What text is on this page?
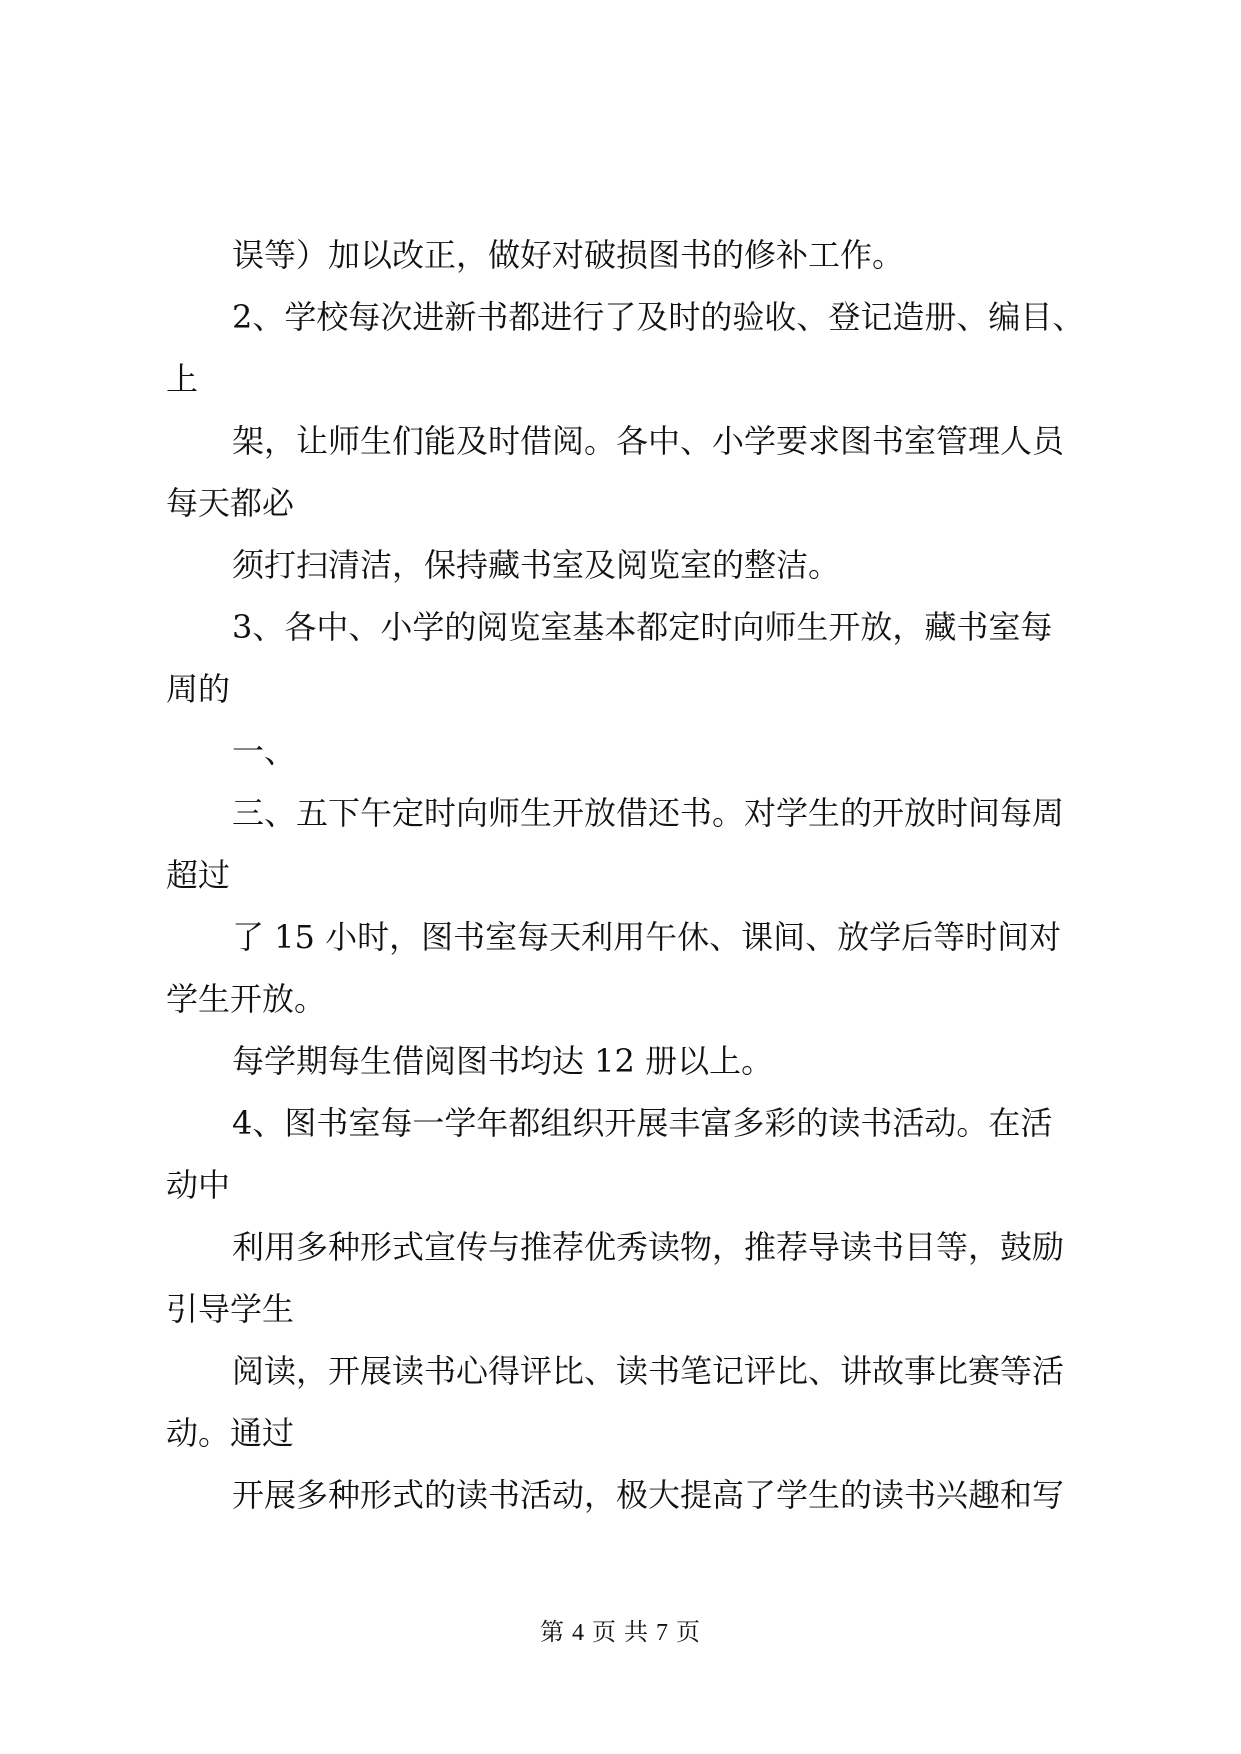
误等）加以改正，做好对破损图书的修补工作。

2、学校每次进新书都进行了及时的验收、登记造册、编目、

上

架，让师生们能及时借阅。各中、小学要求图书室管理人员

每天都必

须打扫清洁，保持藏书室及阅览室的整洁。

3、各中、小学的阅览室基本都定时向师生开放，藏书室每

周的

一、

三、五下午定时向师生开放借还书。对学生的开放时间每周

超过

了 15 小时，图书室每天利用午休、课间、放学后等时间对

学生开放。

每学期每生借阅图书均达 12 册以上。

4、图书室每一学年都组织开展丰富多彩的读书活动。在活

动中

利用多种形式宣传与推荐优秀读物，推荐导读书目等，鼓励

引导学生

阅读，开展读书心得评比、读书笔记评比、讲故事比赛等活

动。通过

开展多种形式的读书活动，极大提高了学生的读书兴趣和写

第 4 页 共 7 页
